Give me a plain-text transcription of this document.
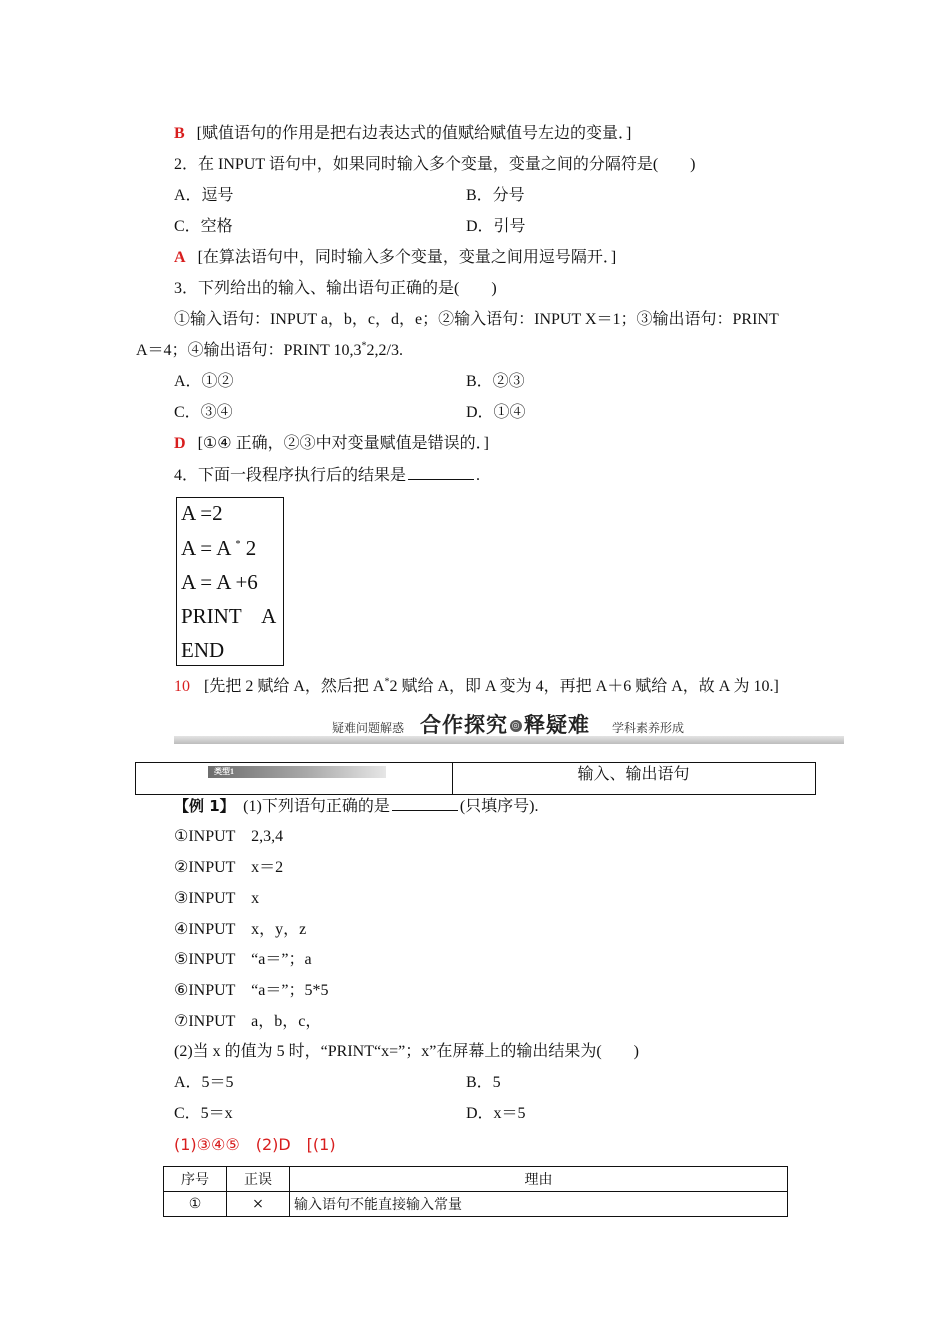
B [赋值语句的作用是把右边表达式的值赋给赋值号左边的变量．]
2．在 INPUT 语句中，如果同时输入多个变量，变量之间的分隔符是(　　)
A．逗号	B．分号
C．空格	D．引号
A [在算法语句中，同时输入多个变量，变量之间用逗号隔开．]
3．下列给出的输入、输出语句正确的是(　　)
①输入语句：INPUT a，b，c，d，e；②输入语句：INPUT X＝1；③输出语句：PRINT
A＝4；④输出语句：PRINT 10,3*2,2/3.
A．①②	B．②③
C．③④	D．①④
D [①④ 正确，②③中对变量赋值是错误的．]
4．下面一段程序执行后的结果是	.
A =2
A = A * 2
A = A +6
PRINT    A
END
10 [先把 2 赋给 A，然后把 A*2 赋给 A，即 A 变为 4，再把 A＋6 赋给 A，故 A 为 10.]
疑难问题解惑 合作探究 ◎ 释疑难 学科素养形成
类型1	输入、输出语句
【例 1】　(1)下列语句正确的是	(只填序号).
①INPUT　2,3,4
②INPUT　x＝2
③INPUT　x
④INPUT　x，y，z
⑤INPUT　“a＝”；a
⑥INPUT　“a＝”；5*5
⑦INPUT　a，b，c，
(2)当 x 的值为 5 时，“PRINT“x=”；x”在屏幕上的输出结果为(　　)
A．5＝5	B．5
C．5＝x	D．x＝5
(1)③④⑤　(2)D　[(1)
序号	正误	理由
①	×	输入语句不能直接输入常量
